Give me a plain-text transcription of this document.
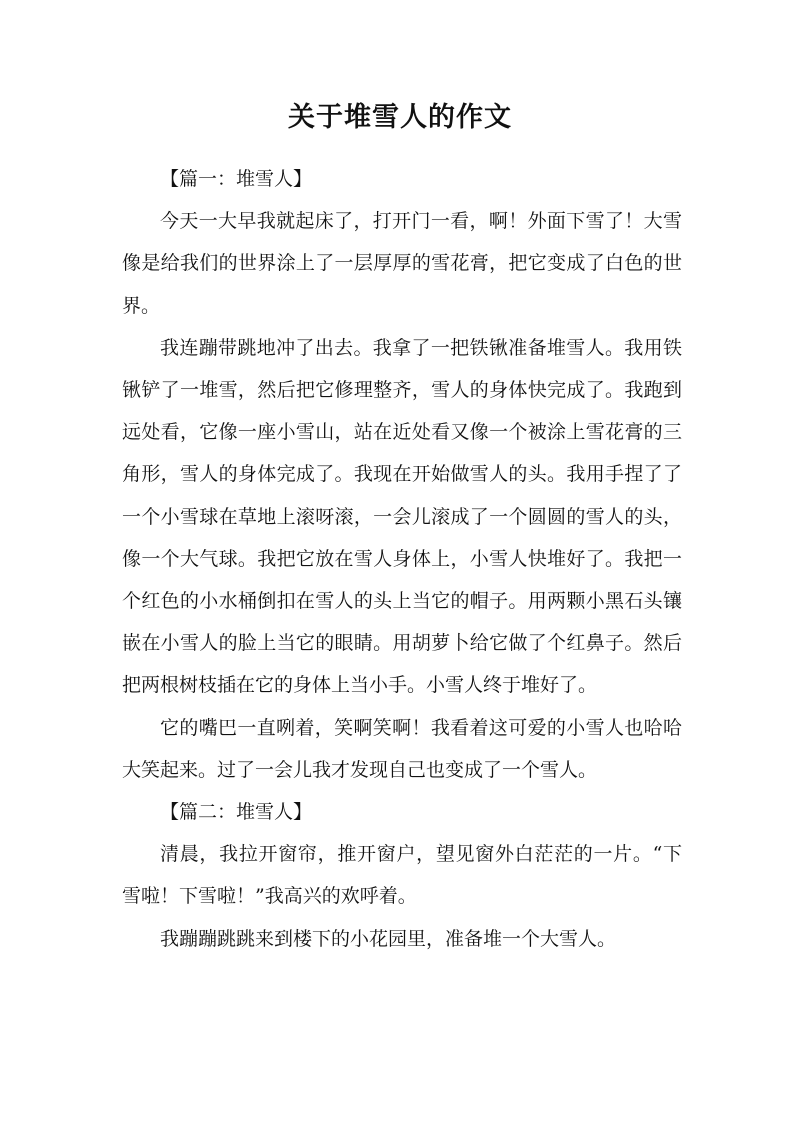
关于堆雪人的作文

【篇一：堆雪人】

今天一大早我就起床了，打开门一看，啊！外面下雪了！大雪像是给我们的世界涂上了一层厚厚的雪花膏，把它变成了白色的世界。

我连蹦带跳地冲了出去。我拿了一把铁锹准备堆雪人。我用铁锹铲了一堆雪，然后把它修理整齐，雪人的身体快完成了。我跑到远处看，它像一座小雪山，站在近处看又像一个被涂上雪花膏的三角形，雪人的身体完成了。我现在开始做雪人的头。我用手捏了了一个小雪球在草地上滚呀滚，一会儿滚成了一个圆圆的雪人的头，像一个大气球。我把它放在雪人身体上，小雪人快堆好了。我把一个红色的小水桶倒扣在雪人的头上当它的帽子。用两颗小黑石头镶嵌在小雪人的脸上当它的眼睛。用胡萝卜给它做了个红鼻子。然后把两根树枝插在它的身体上当小手。小雪人终于堆好了。

它的嘴巴一直咧着，笑啊笑啊！我看着这可爱的小雪人也哈哈大笑起来。过了一会儿我才发现自己也变成了一个雪人。

【篇二：堆雪人】

清晨，我拉开窗帘，推开窗户，望见窗外白茫茫的一片。“下雪啦！下雪啦！”我高兴的欢呼着。

我蹦蹦跳跳来到楼下的小花园里，准备堆一个大雪人。
